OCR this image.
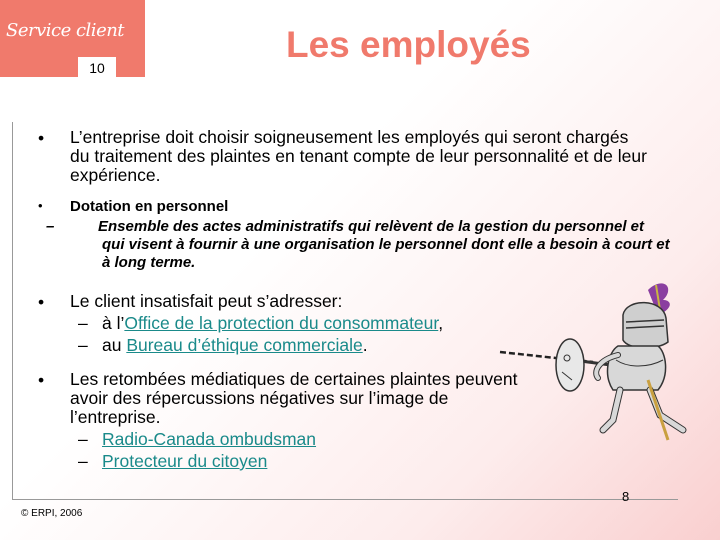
Service client
10
Les employés
• L’entreprise doit choisir soigneusement les employés qui seront chargés du traitement des plaintes en tenant compte de leur personnalité et de leur expérience.
• Dotation en personnel
–	Ensemble des actes administratifs qui relèvent de la gestion du personnel et qui visent à fournir à une organisation le personnel dont elle a besoin à court et à long terme.
• Le client insatisfait peut s’adresser:
– à l’Office de la protection du consommateur,
– au Bureau d’éthique commerciale.
• Les retombées médiatiques de certaines plaintes peuvent avoir des répercussions négatives sur l’image de l’entreprise.
– Radio-Canada ombudsman
– Protecteur du citoyen
© ERPI, 2006
8
